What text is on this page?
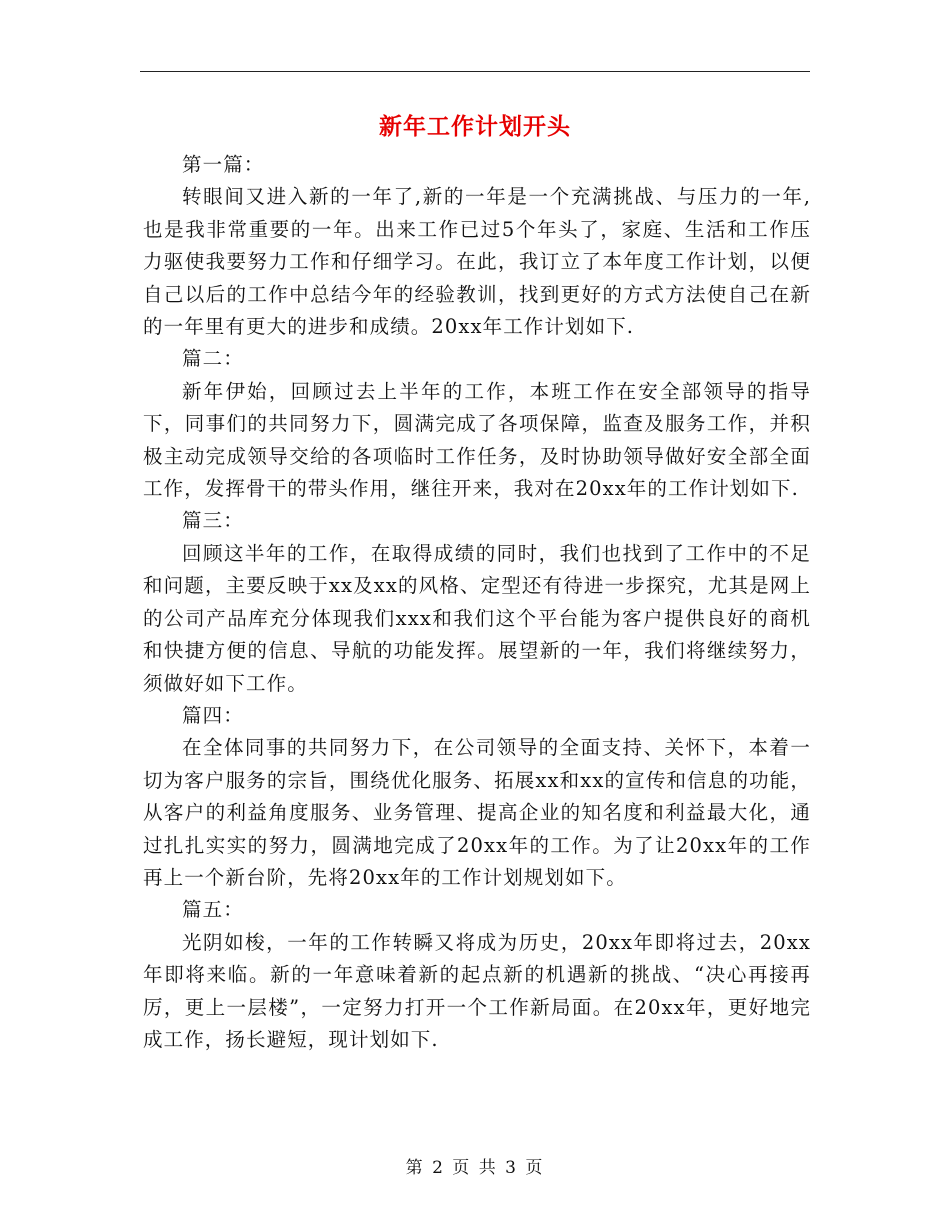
新年工作计划开头

第一篇：

转眼间又进入新的一年了,新的一年是一个充满挑战、与压力的一年,也是我非常重要的一年。出来工作已过5个年头了，家庭、生活和工作压力驱使我要努力工作和仔细学习。在此，我订立了本年度工作计划，以便自己以后的工作中总结今年的经验教训，找到更好的方式方法使自己在新的一年里有更大的进步和成绩。20xx年工作计划如下.

篇二：

新年伊始，回顾过去上半年的工作，本班工作在安全部领导的指导下，同事们的共同努力下，圆满完成了各项保障，监查及服务工作，并积极主动完成领导交给的各项临时工作任务，及时协助领导做好安全部全面工作，发挥骨干的带头作用，继往开来，我对在20xx年的工作计划如下.

篇三：

回顾这半年的工作，在取得成绩的同时，我们也找到了工作中的不足和问题，主要反映于xx及xx的风格、定型还有待进一步探究，尤其是网上的公司产品库充分体现我们xxx和我们这个平台能为客户提供良好的商机和快捷方便的信息、导航的功能发挥。展望新的一年，我们将继续努力，须做好如下工作。

篇四：

在全体同事的共同努力下，在公司领导的全面支持、关怀下，本着一切为客户服务的宗旨，围绕优化服务、拓展xx和xx的宣传和信息的功能，从客户的利益角度服务、业务管理、提高企业的知名度和利益最大化，通过扎扎实实的努力，圆满地完成了20xx年的工作。为了让20xx年的工作再上一个新台阶，先将20xx年的工作计划规划如下。

篇五：

光阴如梭，一年的工作转瞬又将成为历史，20xx年即将过去，20xx年即将来临。新的一年意味着新的起点新的机遇新的挑战、“决心再接再厉，更上一层楼”，一定努力打开一个工作新局面。在20xx年，更好地完成工作，扬长避短，现计划如下.

第 2 页 共 3 页
